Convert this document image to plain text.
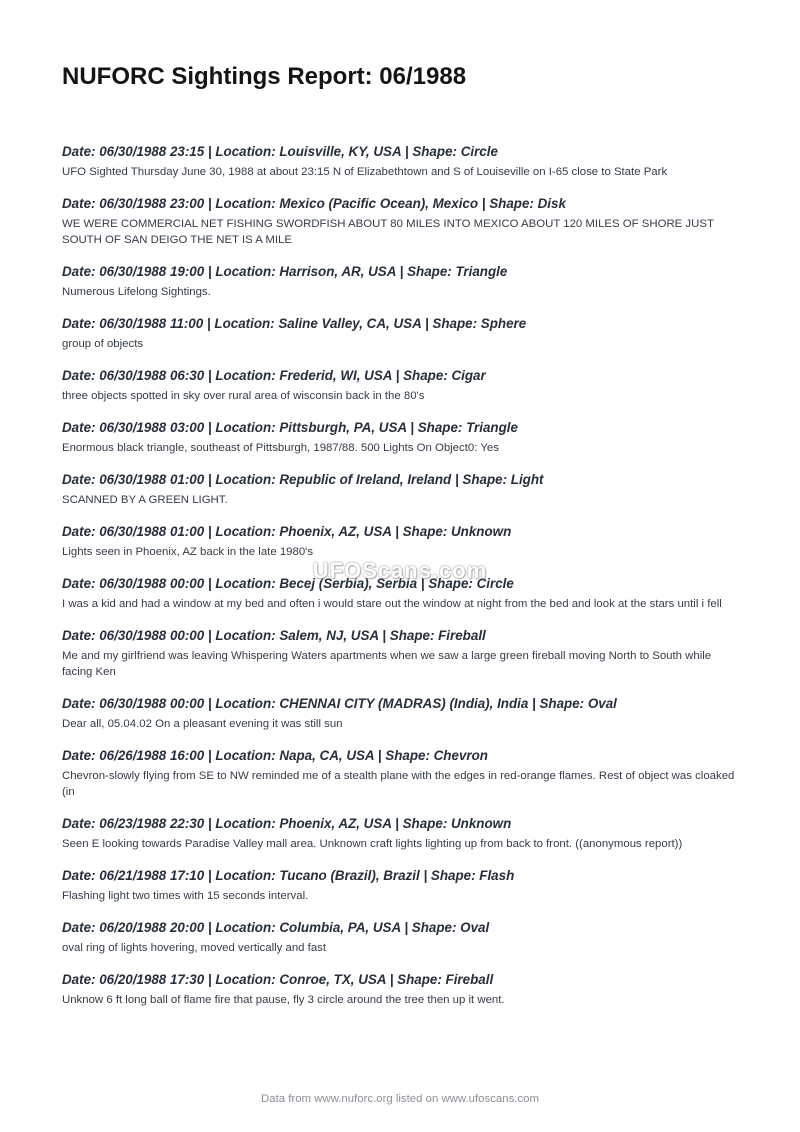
NUFORC Sightings Report: 06/1988
Date: 06/30/1988 23:15 | Location: Louisville, KY, USA | Shape: Circle

UFO Sighted Thursday June 30, 1988 at about 23:15 N of Elizabethtown and S of Louiseville on I-65 close to State Park

Date: 06/30/1988 23:00 | Location: Mexico (Pacific Ocean), Mexico | Shape: Disk

WE WERE COMMERCIAL NET FISHING SWORDFISH ABOUT 80 MILES INTO MEXICO ABOUT 120 MILES OF SHORE JUST SOUTH OF SAN DEIGO THE NET IS A MILE

Date: 06/30/1988 19:00 | Location: Harrison, AR, USA | Shape: Triangle

Numerous Lifelong Sightings.

Date: 06/30/1988 11:00 | Location: Saline Valley, CA, USA | Shape: Sphere

group of objects

Date: 06/30/1988 06:30 | Location: Frederid, WI, USA | Shape: Cigar

three objects spotted in sky over rural area of wisconsin back in the 80's

Date: 06/30/1988 03:00 | Location: Pittsburgh, PA, USA | Shape: Triangle

Enormous black triangle, southeast of Pittsburgh, 1987/88. 500 Lights On Object0: Yes

Date: 06/30/1988 01:00 | Location: Republic of Ireland, Ireland | Shape: Light

SCANNED BY A GREEN LIGHT.

Date: 06/30/1988 01:00 | Location: Phoenix, AZ, USA | Shape: Unknown

Lights seen in Phoenix, AZ back in the late 1980's

Date: 06/30/1988 00:00 | Location: Becej (Serbia), Serbia | Shape: Circle

I was a kid and had a window at my bed and often i would stare out the window at night from the bed and look at the stars until i fell

Date: 06/30/1988 00:00 | Location: Salem, NJ, USA | Shape: Fireball

Me and my girlfriend was leaving Whispering Waters apartments when we saw a large green fireball moving North to South while facing Ken

Date: 06/30/1988 00:00 | Location: CHENNAI CITY (MADRAS) (India), India | Shape: Oval

Dear all, 05.04.02 On a pleasant evening it was still sun

Date: 06/26/1988 16:00 | Location: Napa, CA, USA | Shape: Chevron

Chevron-slowly flying from SE to NW reminded me of a stealth plane with the edges in red-orange flames. Rest of object was cloaked (in

Date: 06/23/1988 22:30 | Location: Phoenix, AZ, USA | Shape: Unknown

Seen E looking towards Paradise Valley mall area. Unknown craft lights lighting up from back to front. ((anonymous report))

Date: 06/21/1988 17:10 | Location: Tucano (Brazil), Brazil | Shape: Flash

Flashing light two times with 15 seconds interval.

Date: 06/20/1988 20:00 | Location: Columbia, PA, USA | Shape: Oval

oval ring of lights hovering, moved vertically and fast

Date: 06/20/1988 17:30 | Location: Conroe, TX, USA | Shape: Fireball

Unknow 6 ft long ball of flame fire that pause, fly 3 circle around the tree then up it went.

UFOScans.com
Data from www.nuforc.org listed on www.ufoscans.com
